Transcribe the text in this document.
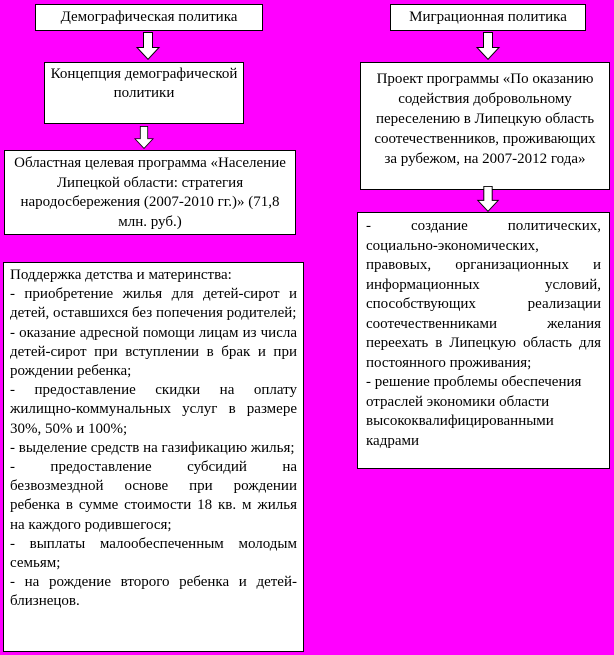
Демографическая политика
Концепция демографической политики
Областная целевая программа «Население Липецкой области: стратегия народосбережения (2007-2010 гг.)» (71,8 млн. руб.)
Поддержка детства и материнства:
- приобретение жилья для детей-сирот и детей, оставшихся без попечения родителей;
- оказание адресной помощи лицам из числа детей-сирот при вступлении в брак и при рождении ребенка;
- предоставление скидки на оплату жилищно-коммунальных услуг в размере 30%, 50% и 100%;
- выделение средств на газификацию жилья;
- предоставление субсидий на безвозмездной основе при рождении ребенка в сумме стоимости 18 кв. м жилья на каждого родившегося;
- выплаты малообеспеченным молодым семьям;
- на рождение второго ребенка и детей-близнецов.
Миграционная политика
Проект программы «По оказанию содействия добровольному переселению в Липецкую область соотечественников, проживающих за рубежом, на 2007-2012 года»
- создание политических, социально-экономических, правовых, организационных и информационных условий, способствующих реализации соотечественниками желания переехать в Липецкую область для постоянного проживания;
- решение проблемы обеспечения отраслей экономики области высококвалифицированными кадрами
